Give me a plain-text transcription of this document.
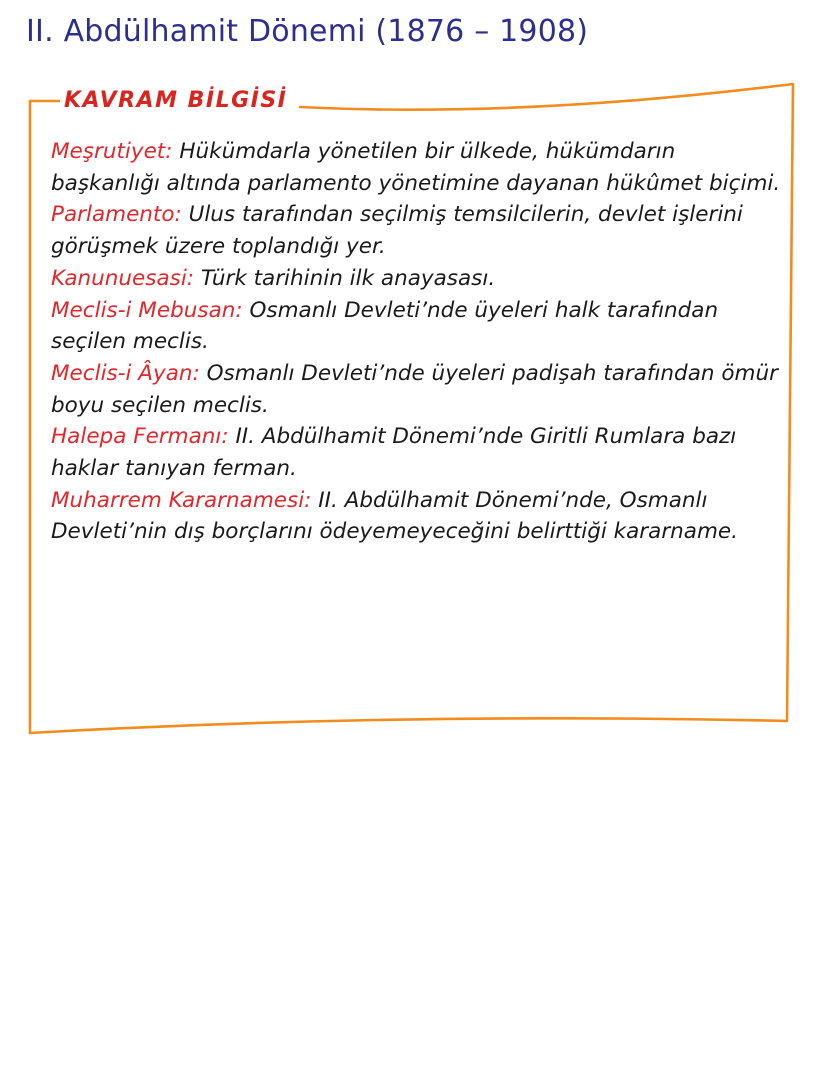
II. Abdülhamit Dönemi (1876 – 1908)
KAVRAM BİLGİSİ

Meşrutiyet: Hükümdarla yönetilen bir ülkede, hükümdarın başkanlığı altında parlamento yönetimine dayanan hükûmet biçimi.

Parlamento: Ulus tarafından seçilmiş temsilcilerin, devlet işlerini görüşmek üzere toplandığı yer.

Kanunuesasi: Türk tarihinin ilk anayasası.

Meclis-i Mebusan: Osmanlı Devleti’nde üyeleri halk tarafından seçilen meclis.

Meclis-i Âyan: Osmanlı Devleti’nde üyeleri padişah tarafından ömür boyu seçilen meclis.

Halepa Fermanı: II. Abdülhamit Dönemi’nde Giritli Rumlara bazı haklar tanıyan ferman.

Muharrem Kararnamesi: II. Abdülhamit Dönemi’nde, Osmanlı Devleti’nin dış borçlarını ödeyemeyeceğini belirttiği kararname.
